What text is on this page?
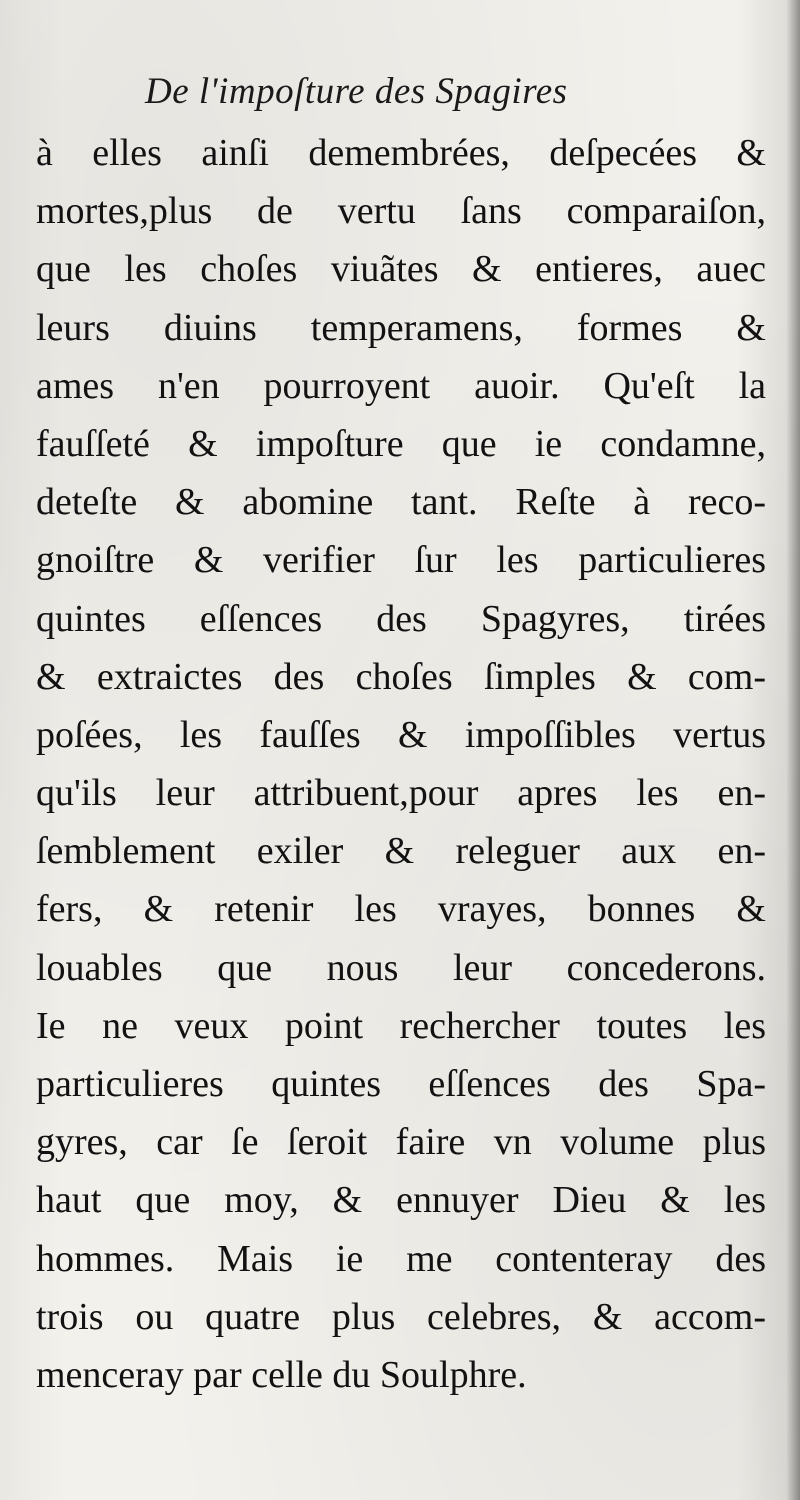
De l'impoſture des Spagires
à elles ainſi demembrées, deſpecées &
mortes,plus de vertu ſans comparaiſon,
que les choſes viuãtes & entieres, auec
leurs diuins temperamens, formes &
ames n'en pourroyent auoir. Qu'eſt la
fauſſeté & impoſture que ie condamne,
deteſte & abomine tant. Reſte à reco-
gnoiſtre & verifier ſur les particulieres
quintes eſſences des Spagyres, tirées
& extraictes des choſes ſimples & com-
poſées, les fauſſes & impoſſibles vertus
qu'ils leur attribuent,pour apres les en-
ſemblement exiler & releguer aux en-
fers, & retenir les vrayes, bonnes &
louables que nous leur concederons.
Ie ne veux point rechercher toutes les
particulieres quintes eſſences des Spa-
gyres, car ſe ſeroit faire vn volume plus
haut que moy, & ennuyer Dieu & les
hommes. Mais ie me contenteray des
trois ou quatre plus celebres, & accom-
menceray par celle du Soulphre.
